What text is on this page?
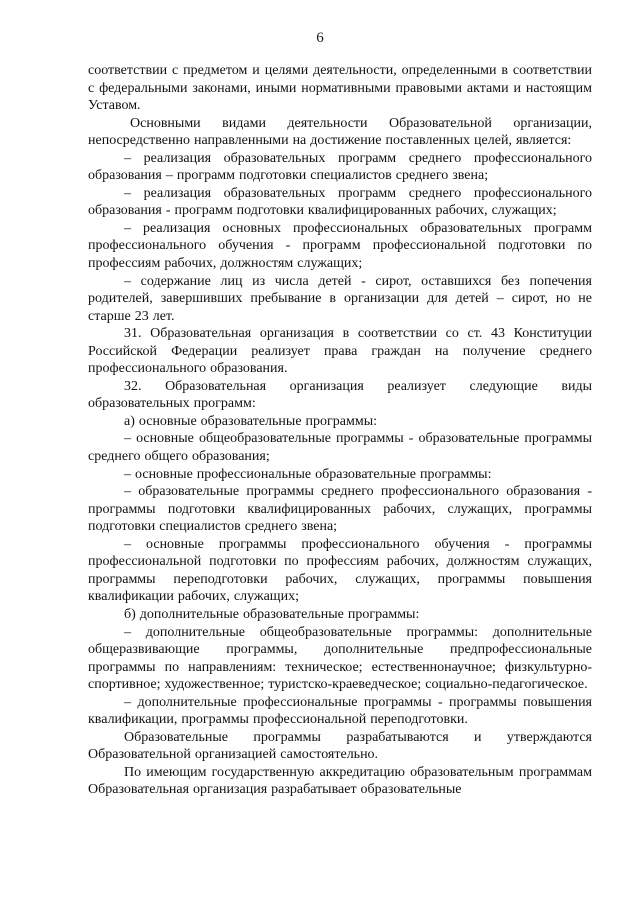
6

соответствии с предметом и целями деятельности, определенными в соответствии с федеральными законами, иными нормативными правовыми актами и настоящим Уставом.

Основными видами деятельности Образовательной организации, непосредственно направленными на достижение поставленных целей, является:

– реализация образовательных программ среднего профессионального образования – программ подготовки специалистов среднего звена;

– реализация образовательных программ среднего профессионального образования - программ подготовки квалифицированных рабочих, служащих;

– реализация основных профессиональных образовательных программ профессионального обучения - программ профессиональной подготовки по профессиям рабочих, должностям служащих;

– содержание лиц из числа детей - сирот, оставшихся без попечения родителей, завершивших пребывание в организации для детей – сирот, но не старше 23 лет.

31. Образовательная организация в соответствии со ст. 43 Конституции Российской Федерации реализует права граждан на получение среднего профессионального образования.

32. Образовательная организация реализует следующие виды образовательных программ:

а) основные образовательные программы:

– основные общеобразовательные программы - образовательные программы среднего общего образования;

– основные профессиональные образовательные программы:

– образовательные программы среднего профессионального образования - программы подготовки квалифицированных рабочих, служащих, программы подготовки специалистов среднего звена;

– основные программы профессионального обучения - программы профессиональной подготовки по профессиям рабочих, должностям служащих, программы переподготовки рабочих, служащих, программы повышения квалификации рабочих, служащих;

б) дополнительные образовательные программы:

– дополнительные общеобразовательные программы: дополнительные общеразвивающие программы, дополнительные предпрофессиональные программы по направлениям: техническое; естественнонаучное; физкультурно-спортивное; художественное; туристско-краеведческое; социально-педагогическое.

– дополнительные профессиональные программы - программы повышения квалификации, программы профессиональной переподготовки.

Образовательные программы разрабатываются и утверждаются Образовательной организацией самостоятельно.

По имеющим государственную аккредитацию образовательным программам Образовательная организация разрабатывает образовательные
